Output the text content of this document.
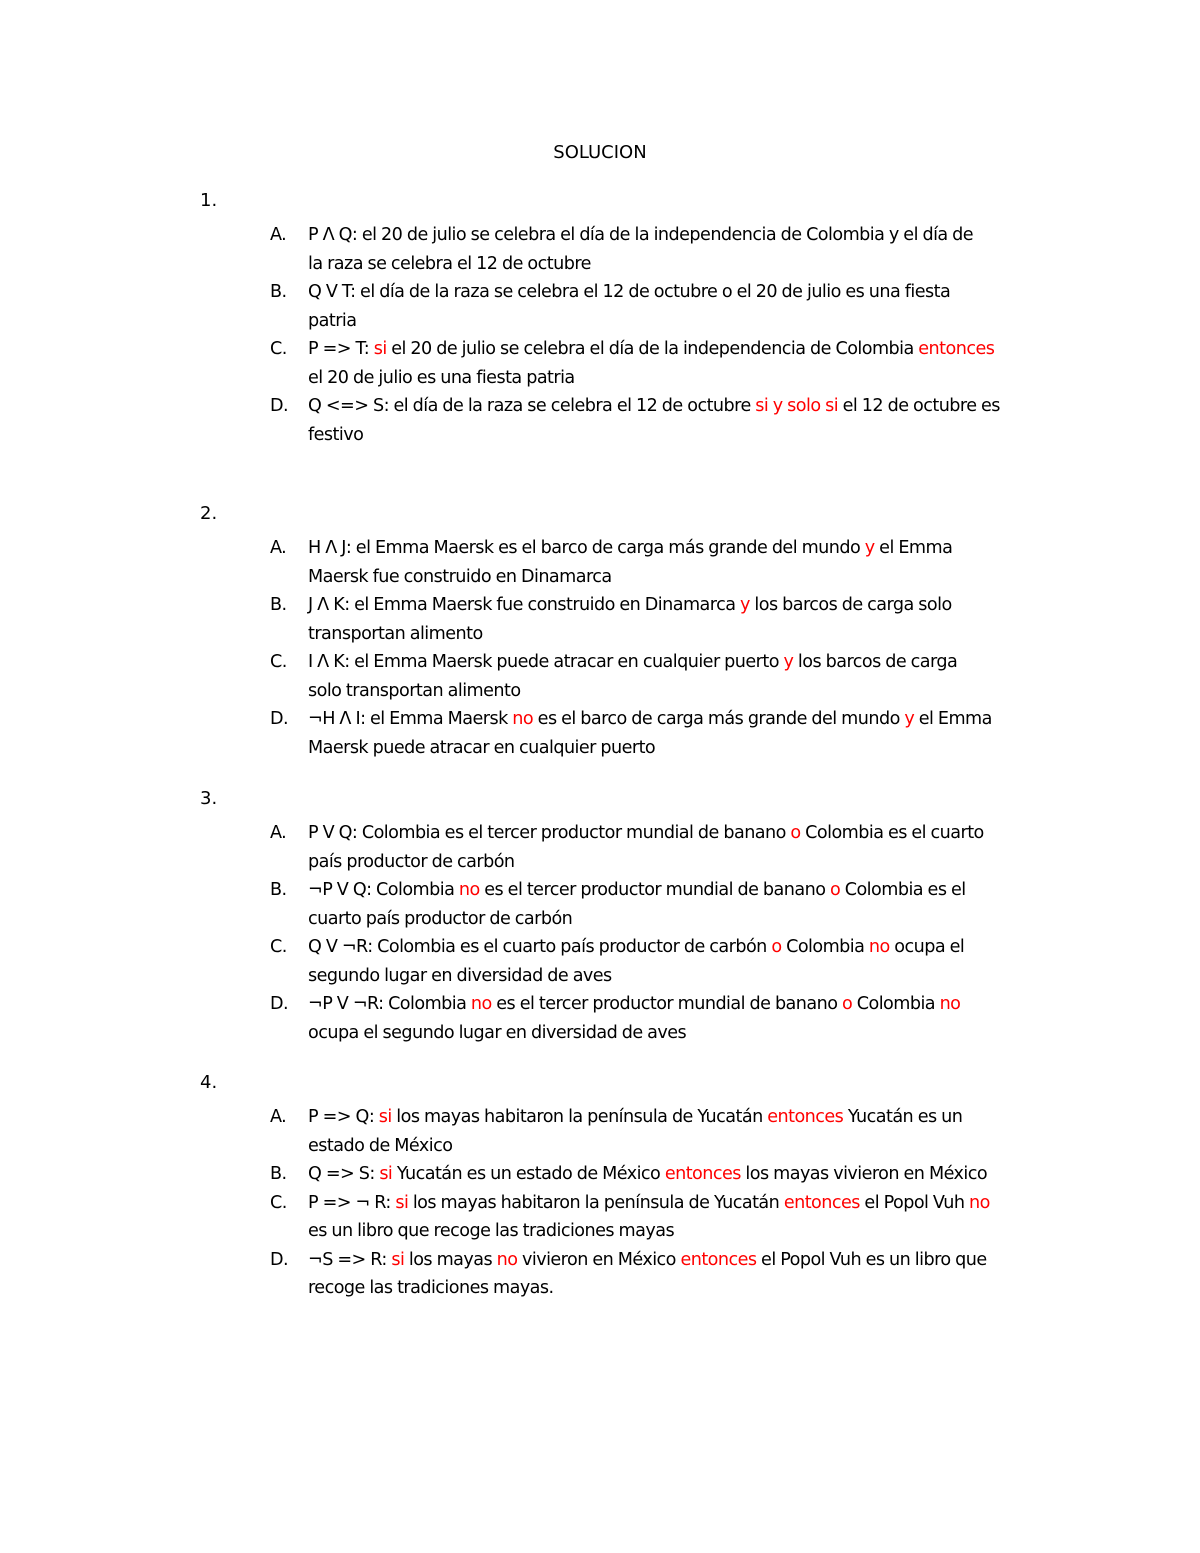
SOLUCION
1.
A. P Λ Q: el 20 de julio se celebra el día de la independencia de Colombia y el día de
la raza se celebra el 12 de octubre
B. Q V T: el día de la raza se celebra el 12 de octubre o el 20 de julio es una fiesta
patria
C. P => T: si el 20 de julio se celebra el día de la independencia de Colombia entonces
el 20 de julio es una fiesta patria
D. Q <=> S: el día de la raza se celebra el 12 de octubre si y solo si el 12 de octubre es
festivo
2.
A. H Λ J: el Emma Maersk es el barco de carga más grande del mundo y el Emma
Maersk fue construido en Dinamarca
B. J Λ K: el Emma Maersk fue construido en Dinamarca y los barcos de carga solo
transportan alimento
C. I Λ K: el Emma Maersk puede atracar en cualquier puerto y los barcos de carga
solo transportan alimento
D. ¬H Λ I: el Emma Maersk no es el barco de carga más grande del mundo y el Emma
Maersk puede atracar en cualquier puerto
3.
A. P V Q: Colombia es el tercer productor mundial de banano o Colombia es el cuarto
país productor de carbón
B. ¬P V Q: Colombia no es el tercer productor mundial de banano o Colombia es el
cuarto país productor de carbón
C. Q V ¬R: Colombia es el cuarto país productor de carbón o Colombia no ocupa el
segundo lugar en diversidad de aves
D. ¬P V ¬R: Colombia no es el tercer productor mundial de banano o Colombia no
ocupa el segundo lugar en diversidad de aves
4.
A. P => Q: si los mayas habitaron la península de Yucatán entonces Yucatán es un
estado de México
B. Q => S: si Yucatán es un estado de México entonces los mayas vivieron en México
C. P => ¬ R: si los mayas habitaron la península de Yucatán entonces el Popol Vuh no
es un libro que recoge las tradiciones mayas
D. ¬S => R: si los mayas no vivieron en México entonces el Popol Vuh es un libro que
recoge las tradiciones mayas.
